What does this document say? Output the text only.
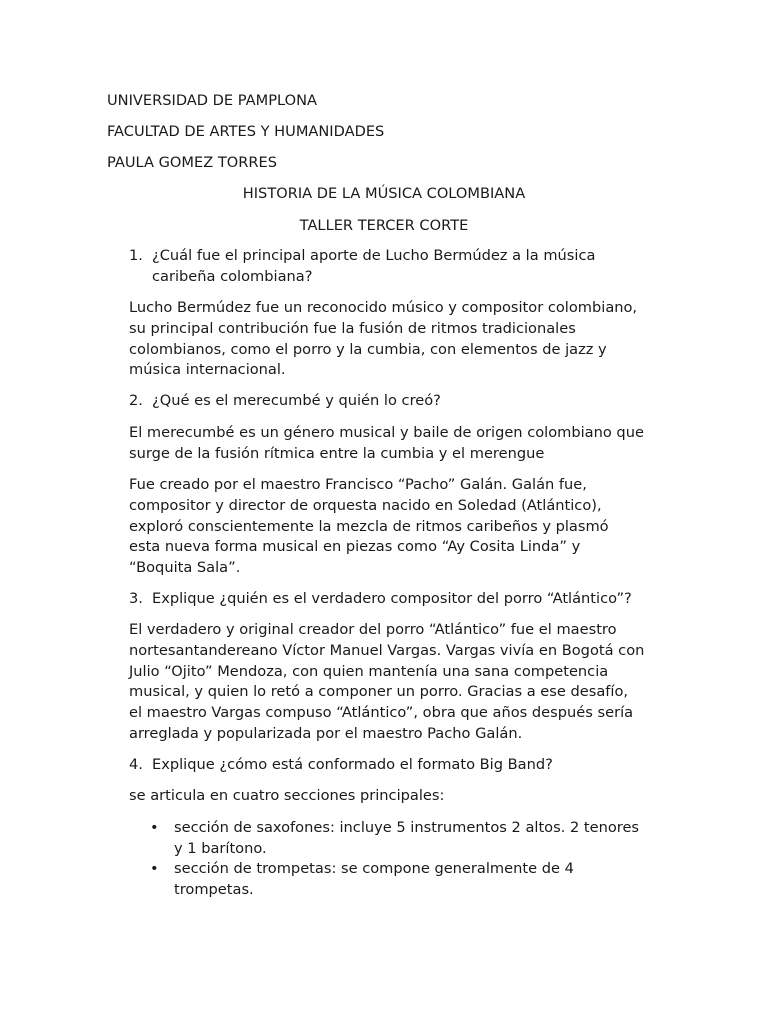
UNIVERSIDAD DE PAMPLONA
FACULTAD DE ARTES Y HUMANIDADES
PAULA GOMEZ TORRES
HISTORIA DE LA MÚSICA COLOMBIANA
TALLER TERCER CORTE
1. ¿Cuál fue el principal aporte de Lucho Bermúdez a la música
caribeña colombiana?
Lucho Bermúdez fue un reconocido músico y compositor colombiano,
su principal contribución fue la fusión de ritmos tradicionales
colombianos, como el porro y la cumbia, con elementos de jazz y
música internacional.
2. ¿Qué es el merecumbé y quién lo creó?
El merecumbé es un género musical y baile de origen colombiano que
surge de la fusión rítmica entre la cumbia y el merengue
Fue creado por el maestro Francisco “Pacho” Galán. Galán fue,
compositor y director de orquesta nacido en Soledad (Atlántico),
exploró conscientemente la mezcla de ritmos caribeños y plasmó
esta nueva forma musical en piezas como “Ay Cosita Linda” y
“Boquita Sala”.
3. Explique ¿quién es el verdadero compositor del porro “Atlántico”?
El verdadero y original creador del porro “Atlántico” fue el maestro
nortesantandereano Víctor Manuel Vargas. Vargas vivía en Bogotá con
Julio “Ojito” Mendoza, con quien mantenía una sana competencia
musical, y quien lo retó a componer un porro. Gracias a ese desafío,
el maestro Vargas compuso “Atlántico”, obra que años después sería
arreglada y popularizada por el maestro Pacho Galán.
4. Explique ¿cómo está conformado el formato Big Band?
se articula en cuatro secciones principales:
• sección de saxofones: incluye 5 instrumentos 2 altos. 2 tenores
y 1 barítono.
• sección de trompetas: se compone generalmente de 4
trompetas.
